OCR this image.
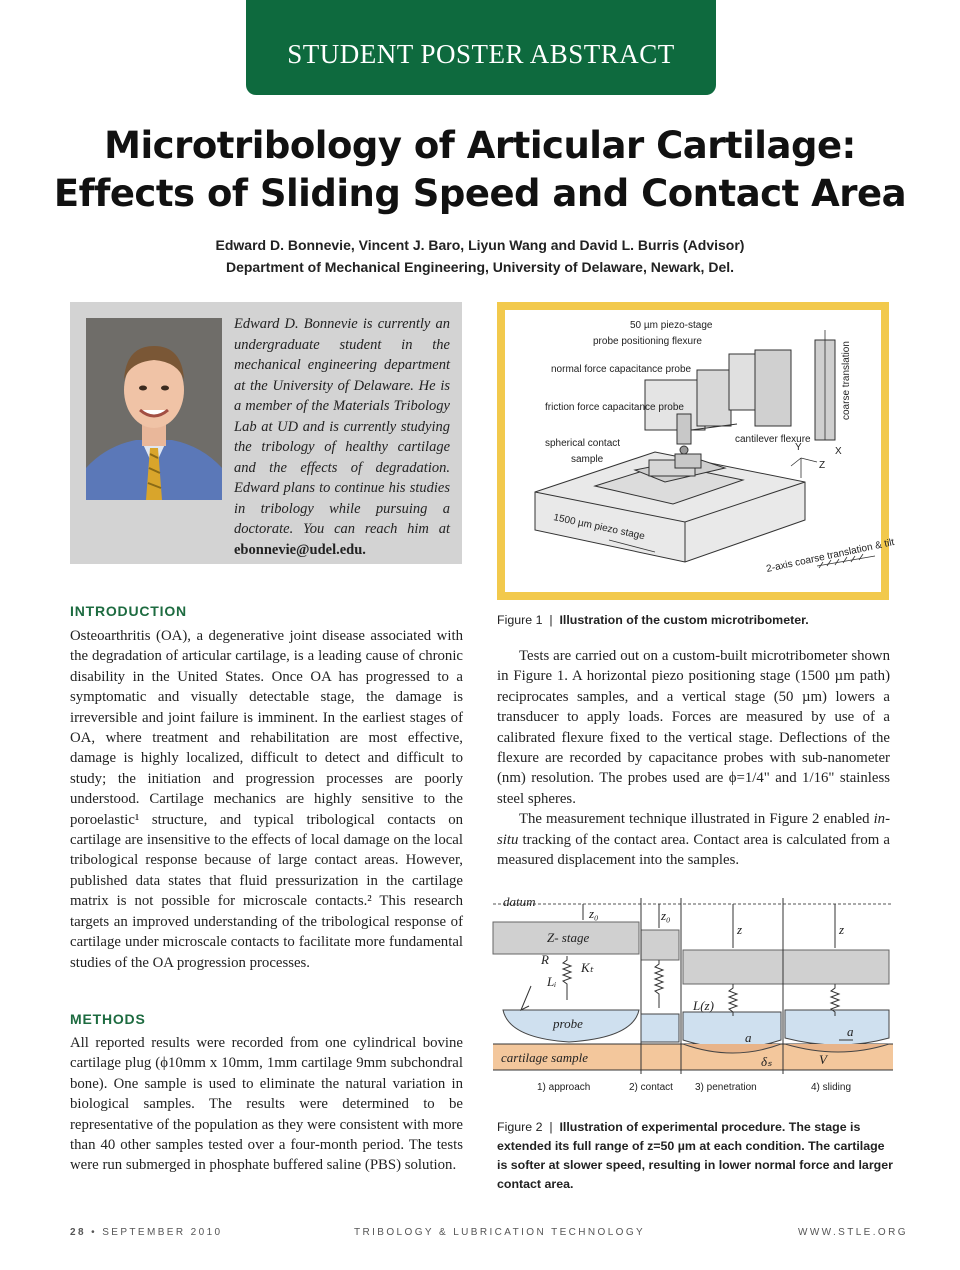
STUDENT POSTER ABSTRACT
Microtribology of Articular Cartilage:
Effects of Sliding Speed and Contact Area
Edward D. Bonnevie, Vincent J. Baro, Liyun Wang and David L. Burris (Advisor)
Department of Mechanical Engineering, University of Delaware, Newark, Del.
Edward D. Bonnevie is currently an undergraduate student in the mechanical engineering department at the University of Delaware. He is a member of the Materials Tribology Lab at UD and is currently studying the tribology of healthy cartilage and the effects of degradation. Edward plans to continue his studies in tribology while pursuing a doctorate. You can reach him at ebonnevie@udel.edu.
50 µm piezo-stage
probe positioning flexure
normal force capacitance probe
friction force capacitance probe
spherical contact
sample
cantilever flexure
Y	X
Z
coarse translation
1500 µm piezo stage
2-axis coarse translation & tilt
Figure 1  |  Illustration of the custom microtribometer.
INTRODUCTION
Osteoarthritis (OA), a degenerative joint disease associated with the degradation of articular cartilage, is a leading cause of chronic disability in the United States. Once OA has progressed to a symptomatic and visually detectable stage, the damage is irreversible and joint failure is imminent. In the earliest stages of OA, where treatment and rehabilitation are most effective, damage is highly localized, difficult to detect and difficult to study; the initiation and progression processes are poorly understood. Cartilage mechanics are highly sensitive to the poroelastic¹ structure, and typical tribological contacts on cartilage are insensitive to the effects of local damage on the local tribological response because of large contact areas. However, published data states that fluid pressurization in the cartilage matrix is not possible for microscale contacts.² This research targets an improved understanding of the tribological response of cartilage under microscale contacts to facilitate more fundamental studies of the OA progression processes.
METHODS
All reported results were recorded from one cylindrical bovine cartilage plug (ϕ10mm x 10mm, 1mm cartilage 9mm subchondral bone). One sample is used to eliminate the natural variation in biological samples. The results were determined to be representative of the population as they were consistent with more than 40 other samples tested over a four-month period. The tests were run submerged in phosphate buffered saline (PBS) solution.
Tests are carried out on a custom-built microtribometer shown in Figure 1. A horizontal piezo positioning stage (1500 µm path) reciprocates samples, and a vertical stage (50 µm) lowers a transducer to apply loads. Forces are measured by use of a calibrated flexure fixed to the vertical stage. Deflections of the flexure are recorded by capacitance probes with sub-nanometer (nm) resolution. The probes used are ϕ=1/4" and 1/16" stainless steel spheres.
The measurement technique illustrated in Figure 2 enabled in-situ tracking of the contact area. Contact area is calculated from a measured displacement into the samples.
datum
z₀	z₀
z	z
Z- stage
R
Kₜ
Lᵢ
probe
L(z)
a	a
δₛ	V
cartilage sample
1) approach	2) contact 3) penetration	4) sliding
Figure 2  |  Illustration of experimental procedure. The stage is extended its full range of z=50 µm at each condition. The cartilage is softer at slower speed, resulting in lower normal force and larger contact area.
28 • SEPTEMBER 2010	TRIBOLOGY & LUBRICATION TECHNOLOGY	WWW.STLE.ORG
